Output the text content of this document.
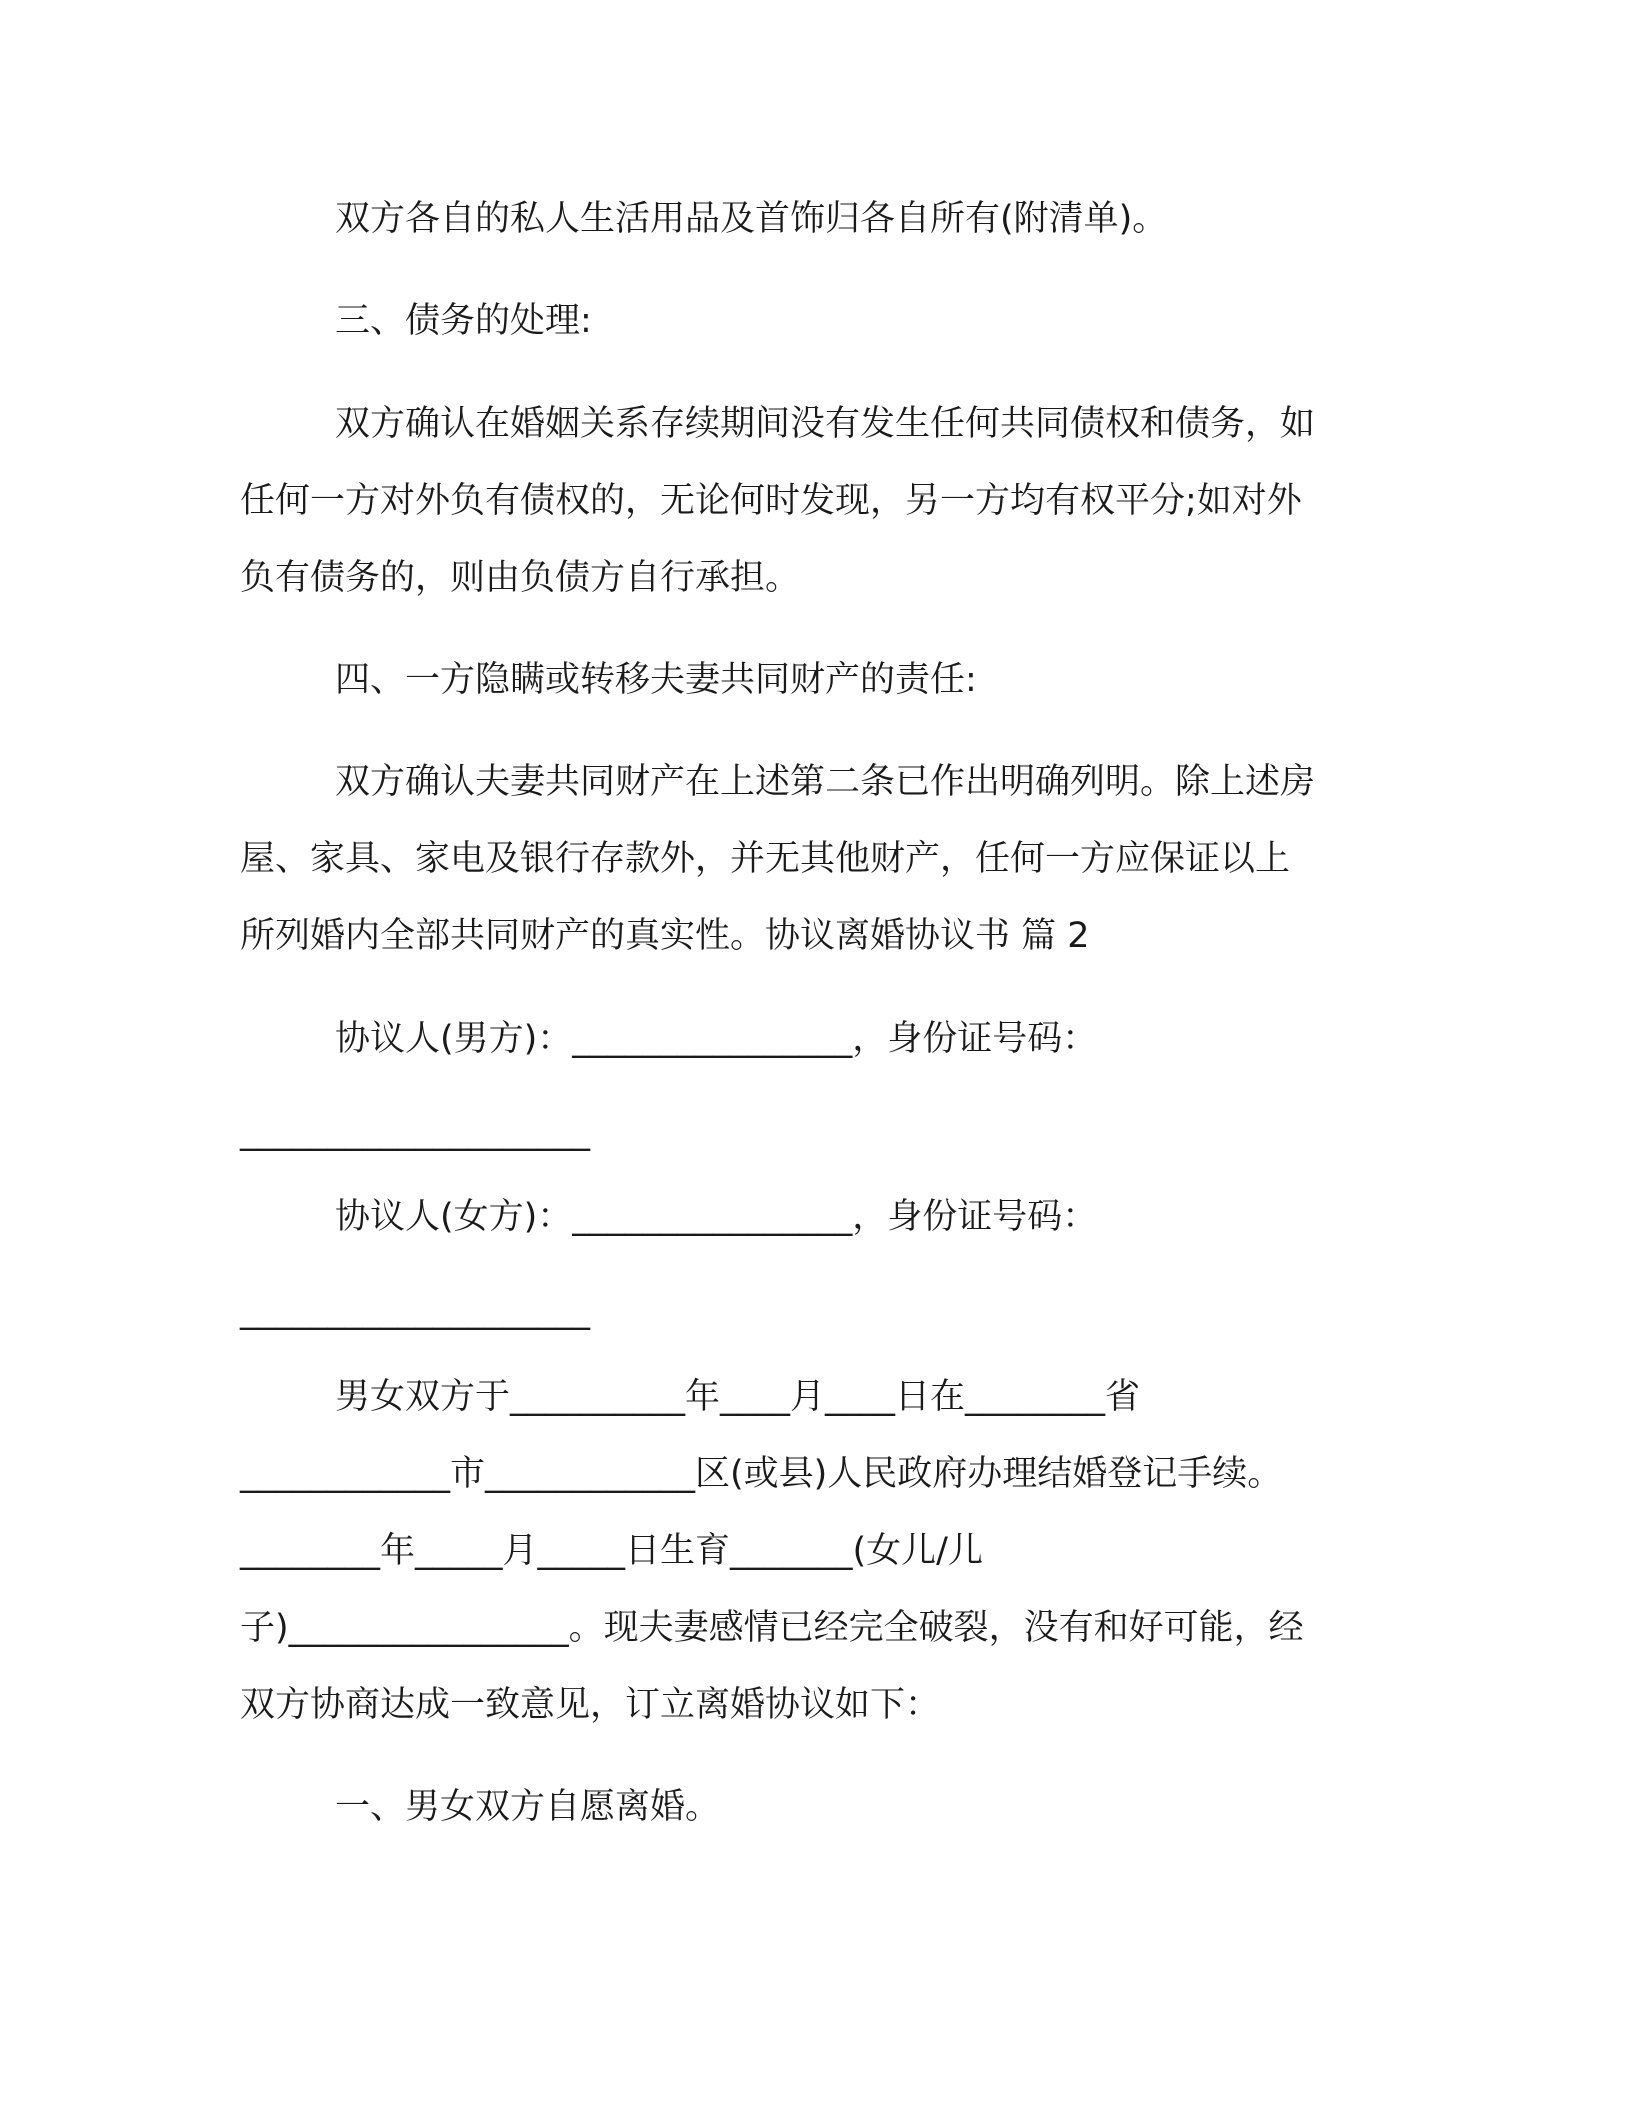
双方各自的私人生活用品及首饰归各自所有(附清单)。
三、债务的处理:
双方确认在婚姻关系存续期间没有发生任何共同债权和债务，如
任何一方对外负有债权的，无论何时发现，另一方均有权平分;如对外
负有债务的，则由负债方自行承担。
四、一方隐瞒或转移夫妻共同财产的责任:
双方确认夫妻共同财产在上述第二条已作出明确列明。除上述房
屋、家具、家电及银行存款外，并无其他财产，任何一方应保证以上
所列婚内全部共同财产的真实性。协议离婚协议书 篇 2
协议人(男方)：________________，身份证号码：
____________________
协议人(女方)：________________，身份证号码：
____________________
男女双方于__________年____月____日在________省
____________市____________区(或县)人民政府办理结婚登记手续。
________年_____月_____日生育_______(女儿/儿
子)________________。现夫妻感情已经完全破裂，没有和好可能，经
双方协商达成一致意见，订立离婚协议如下：
一、男女双方自愿离婚。
